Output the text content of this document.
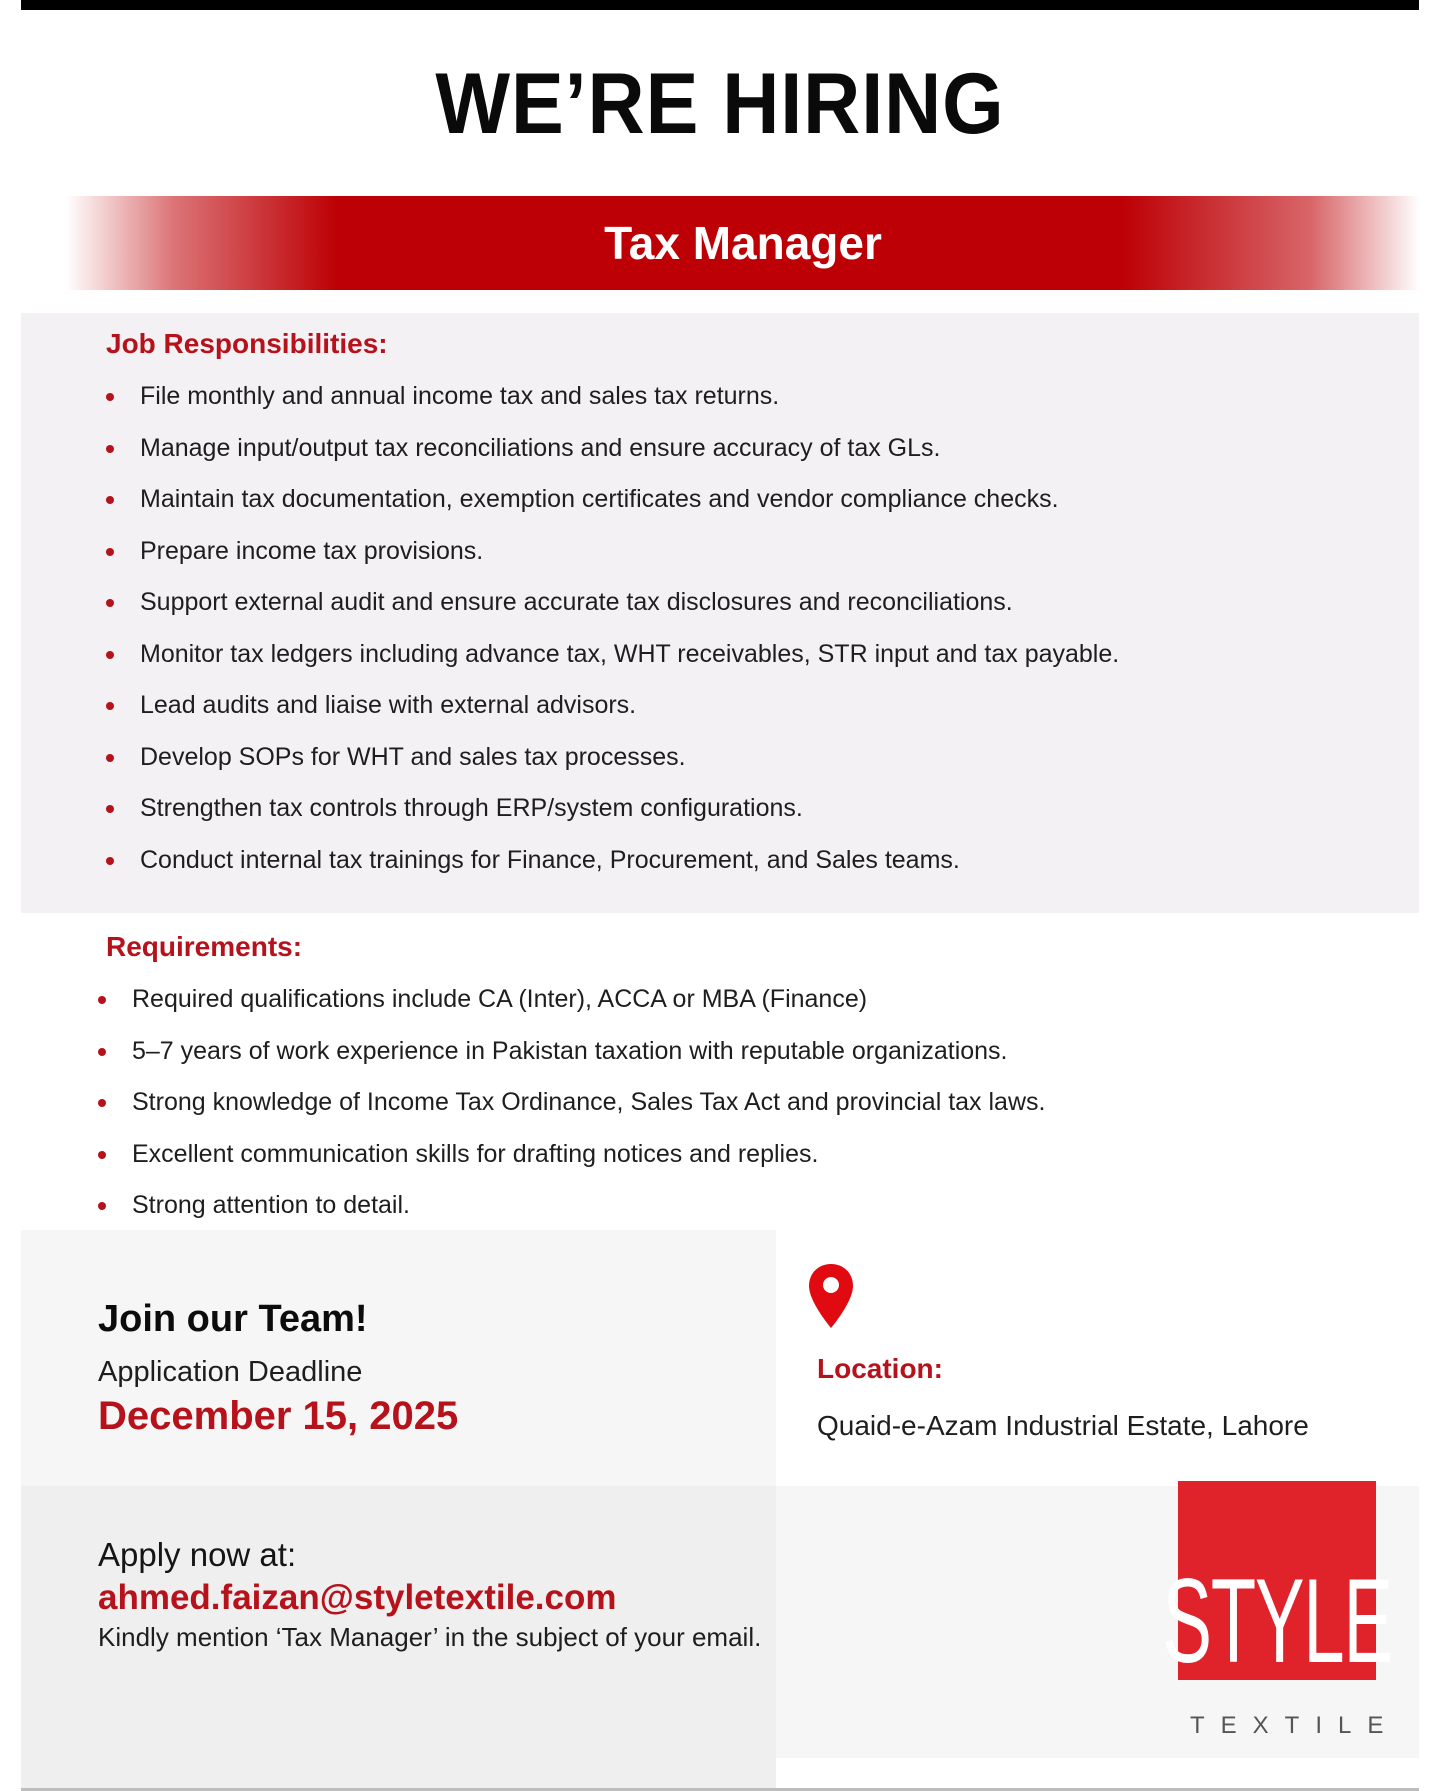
WE’RE HIRING
Tax Manager
Job Responsibilities:
File monthly and annual income tax and sales tax returns.
Manage input/output tax reconciliations and ensure accuracy of tax GLs.
Maintain tax documentation, exemption certificates and vendor compliance checks.
Prepare income tax provisions.
Support external audit and ensure accurate tax disclosures and reconciliations.
Monitor tax ledgers including advance tax, WHT receivables, STR input and tax payable.
Lead audits and liaise with external advisors.
Develop SOPs for WHT and sales tax processes.
Strengthen tax controls through ERP/system configurations.
Conduct internal tax trainings for Finance, Procurement, and Sales teams.
Requirements:
Required qualifications include CA (Inter), ACCA or MBA (Finance)
5–7 years of work experience in Pakistan taxation with reputable organizations.
Strong knowledge of Income Tax Ordinance, Sales Tax Act and provincial tax laws.
Excellent communication skills for drafting notices and replies.
Strong attention to detail.
Join our Team!
Application Deadline
December 15, 2025
Location:
Quaid-e-Azam Industrial Estate, Lahore
Apply now at:
ahmed.faizan@styletextile.com
Kindly mention ‘Tax Manager’ in the subject of your email.	STYLE
TEXTILE
